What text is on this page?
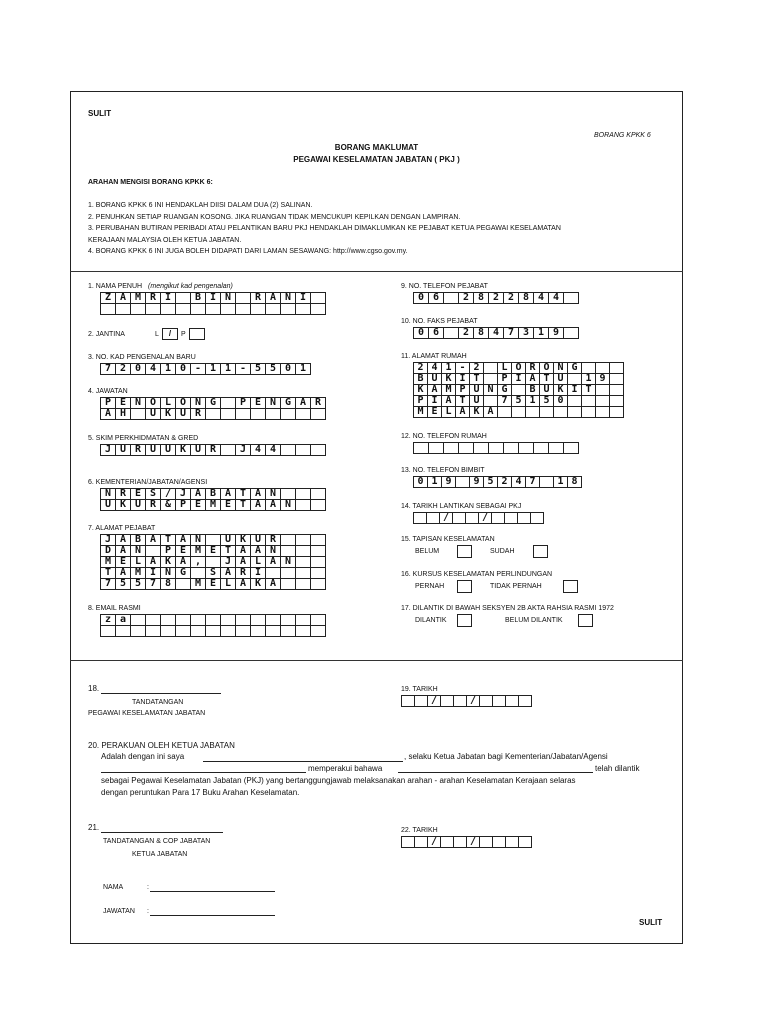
SULIT
BORANG KPKK 6
BORANG MAKLUMAT
PEGAWAI KESELAMATAN JABATAN ( PKJ )
ARAHAN MENGISI BORANG KPKK 6:
1. BORANG KPKK 6 INI HENDAKLAH DIISI DALAM DUA (2) SALINAN.
2. PENUHKAN SETIAP RUANGAN KOSONG. JIKA RUANGAN TIDAK MENCUKUPI KEPILKAN DENGAN LAMPIRAN.
3. PERUBAHAN BUTIRAN PERIBADI ATAU PELANTIKAN BARU PKJ HENDAKLAH DIMAKLUMKAN KE PEJABAT KETUA PEGAWAI KESELAMATAN
KERAJAAN MALAYSIA OLEH KETUA JABATAN.
4. BORANG KPKK 6 INI JUGA BOLEH DIDAPATI DARI LAMAN SESAWANG: http://www.cgso.gov.my.
1. NAMA PENUH (mengikut kad pengenalan)
Z A M R I	B I N	R A N I
2. JANTINA	L	/	P
3. NO. KAD PENGENALAN BARU
7 2 0 4 1 0 - 1 1 - 5 5 0 1
4. JAWATAN
P E N O L O N G	P E N G A R
A H	U K U R
5. SKIM PERKHIDMATAN & GRED
J U R U U K U R	J 4 4
6. KEMENTERIAN/JABATAN/AGENSI
N R E S / J A B A T A N
U K U R & P E M E T A A N
7. ALAMAT PEJABAT
J A B A T A N	U K U R
D A N	P E M E T A A N
M E L A K A ,	J A L A N
T A M I N G	S A R I
7 5 5 7 8	M E L A K A
8. EMAIL RASMI
z a
9. NO. TELEFON PEJABAT
0 6	2 8 2 2 8 4 4
10. NO. FAKS PEJABAT
0 6	2 8 4 7 3 1 9
11. ALAMAT RUMAH
2 4 1 - 2	L O R O N G
B U K I T	P I A T U	1 9
K A M P U N G	B U K I T
P I A T U	7 5 1 5 0
M E L A K A
12. NO. TELEFON RUMAH
13. NO. TELEFON BIMBIT
0 1 9	9 5 2 4 7	1 8
14. TARIKH LANTIKAN SEBAGAI PKJ
/	/
15. TAPISAN KESELAMATAN
BELUM	SUDAH
16. KURSUS KESELAMATAN PERLINDUNGAN
PERNAH	TIDAK PERNAH
17. DILANTIK DI BAWAH SEKSYEN 2B AKTA RAHSIA RASMI 1972
DILANTIK	BELUM DILANTIK
18.
TANDATANGAN
PEGAWAI KESELAMATAN JABATAN
19. TARIKH
/	/
20. PERAKUAN OLEH KETUA JABATAN
Adalah dengan ini saya	, selaku Ketua Jabatan bagi Kementerian/Jabatan/Agensi
memperakui bahawa	telah dilantik
sebagai Pegawai Keselamatan Jabatan (PKJ) yang bertanggungjawab melaksanakan arahan - arahan Keselamatan Kerajaan selaras
dengan peruntukan Para 17 Buku Arahan Keselamatan.
21.
TANDATANGAN & COP JABATAN
KETUA JABATAN
22. TARIKH
/	/
NAMA	:
JAWATAN :
SULIT
